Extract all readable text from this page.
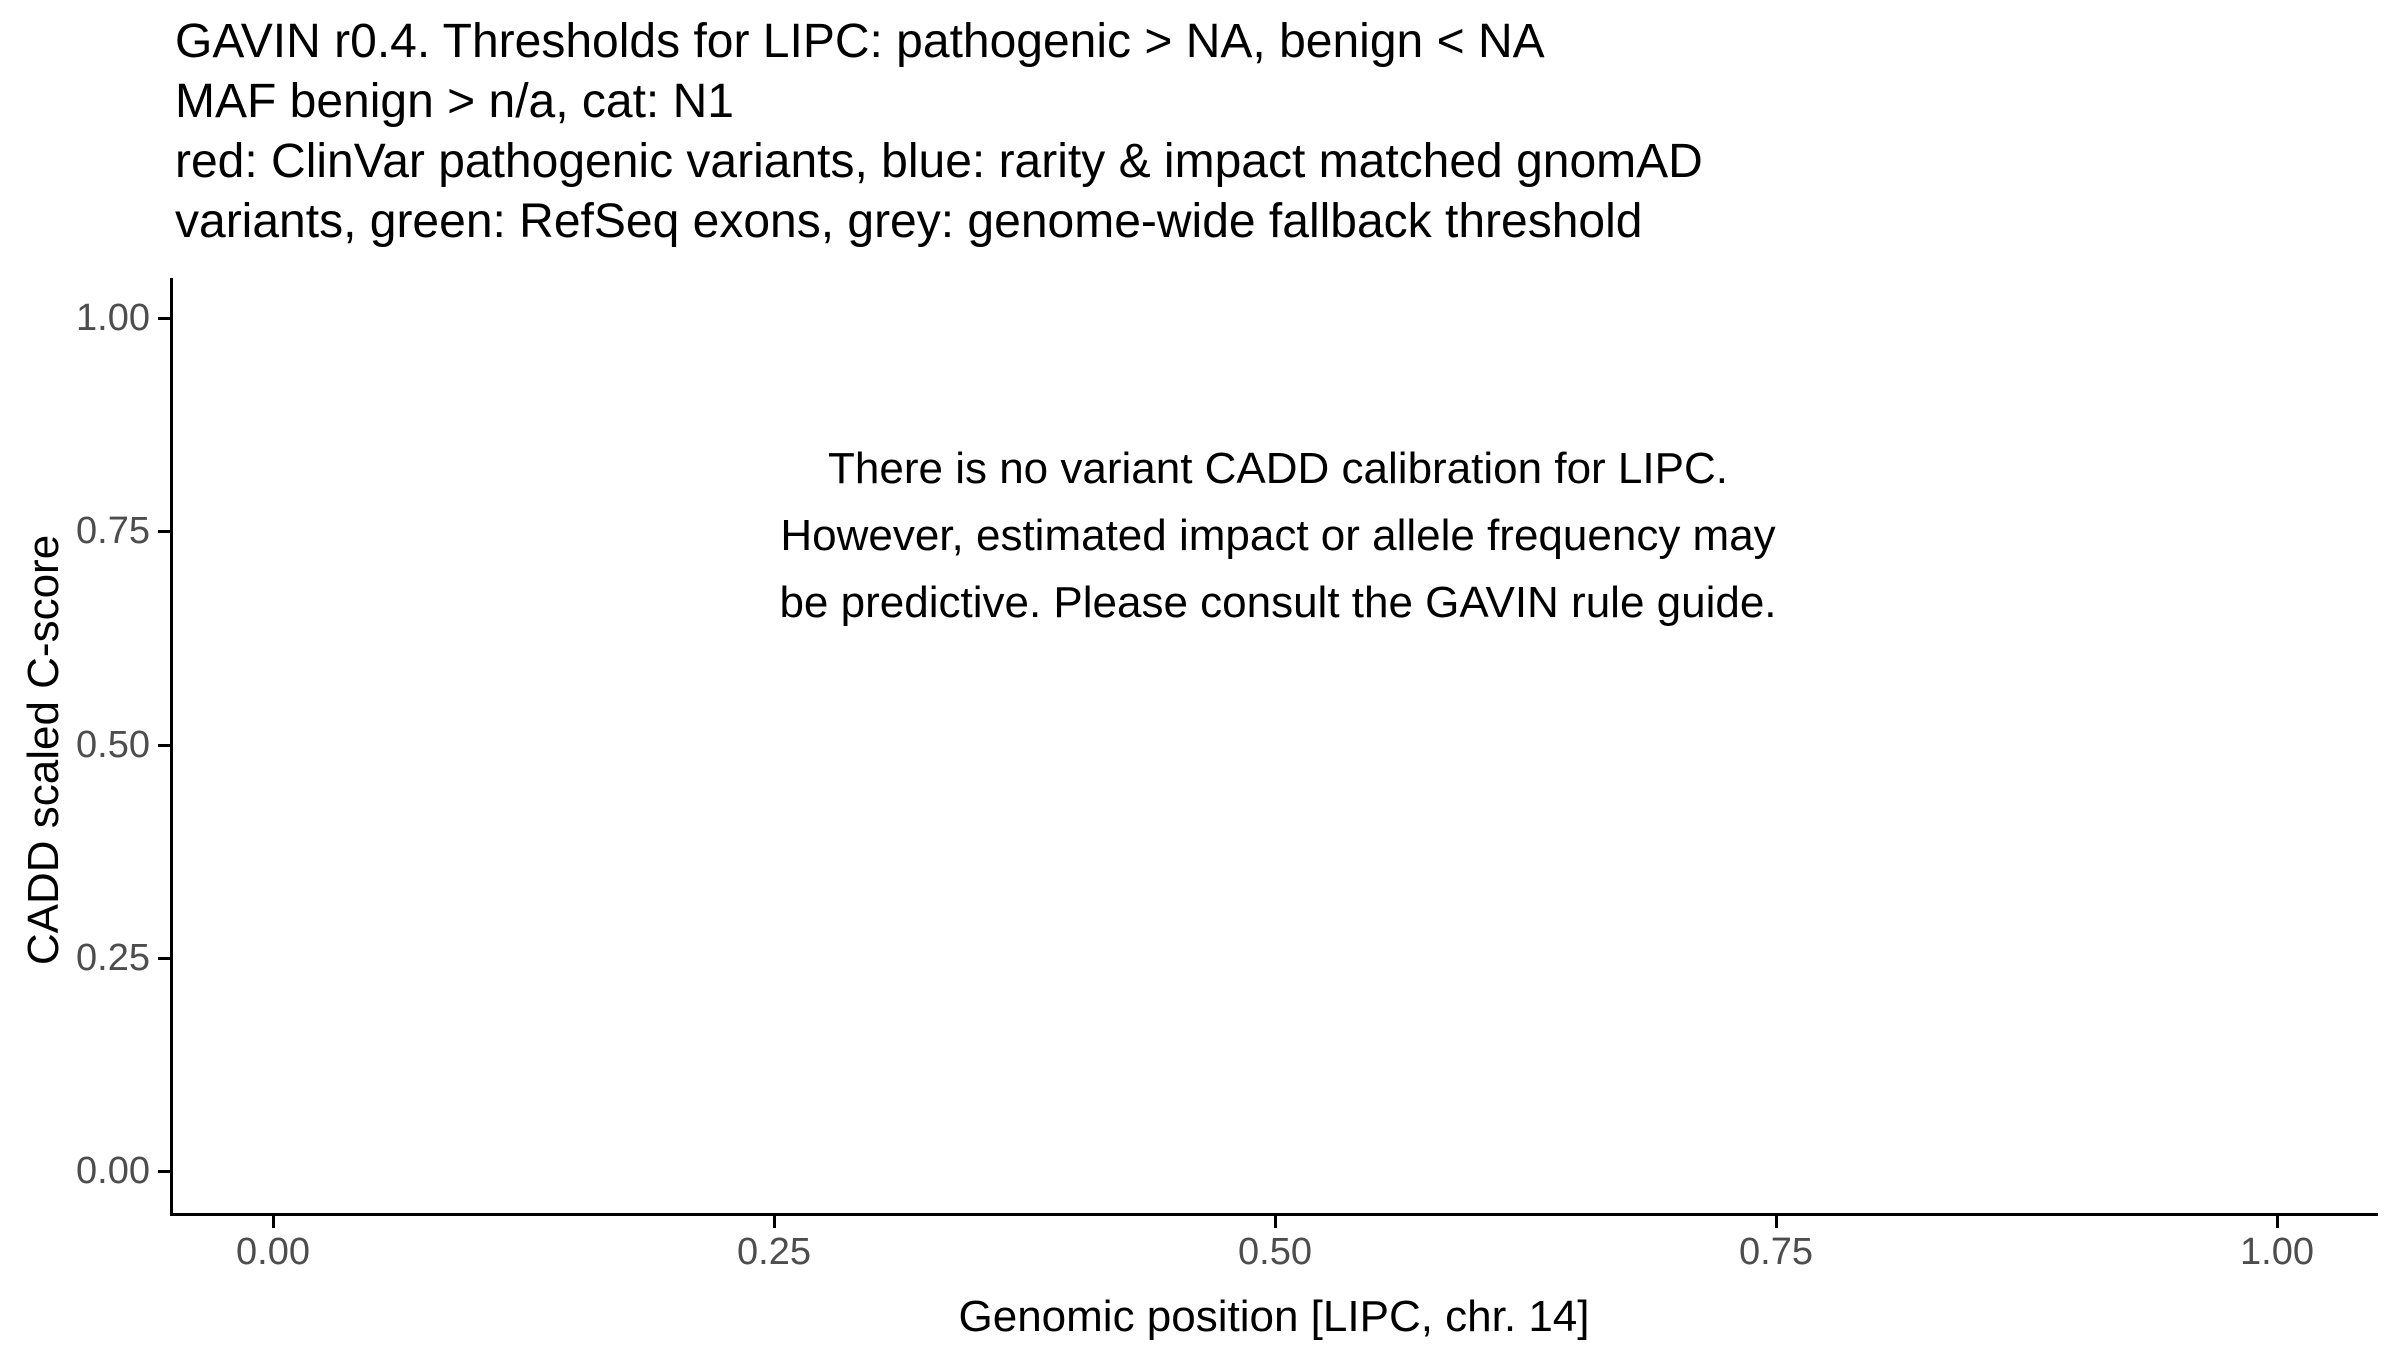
GAVIN r0.4. Thresholds for LIPC: pathogenic > NA, benign < NA
MAF benign > n/a, cat: N1
red: ClinVar pathogenic variants, blue: rarity & impact matched gnomAD
variants, green: RefSeq exons, grey: genome-wide fallback threshold
There is no variant CADD calibration for LIPC.
However, estimated impact or allele frequency may
be predictive. Please consult the GAVIN rule guide.
1.00
0.75
0.50
0.25
0.00
0.00	0.25	0.50	0.75	1.00
CADD scaled C-score
Genomic position [LIPC, chr. 14]
